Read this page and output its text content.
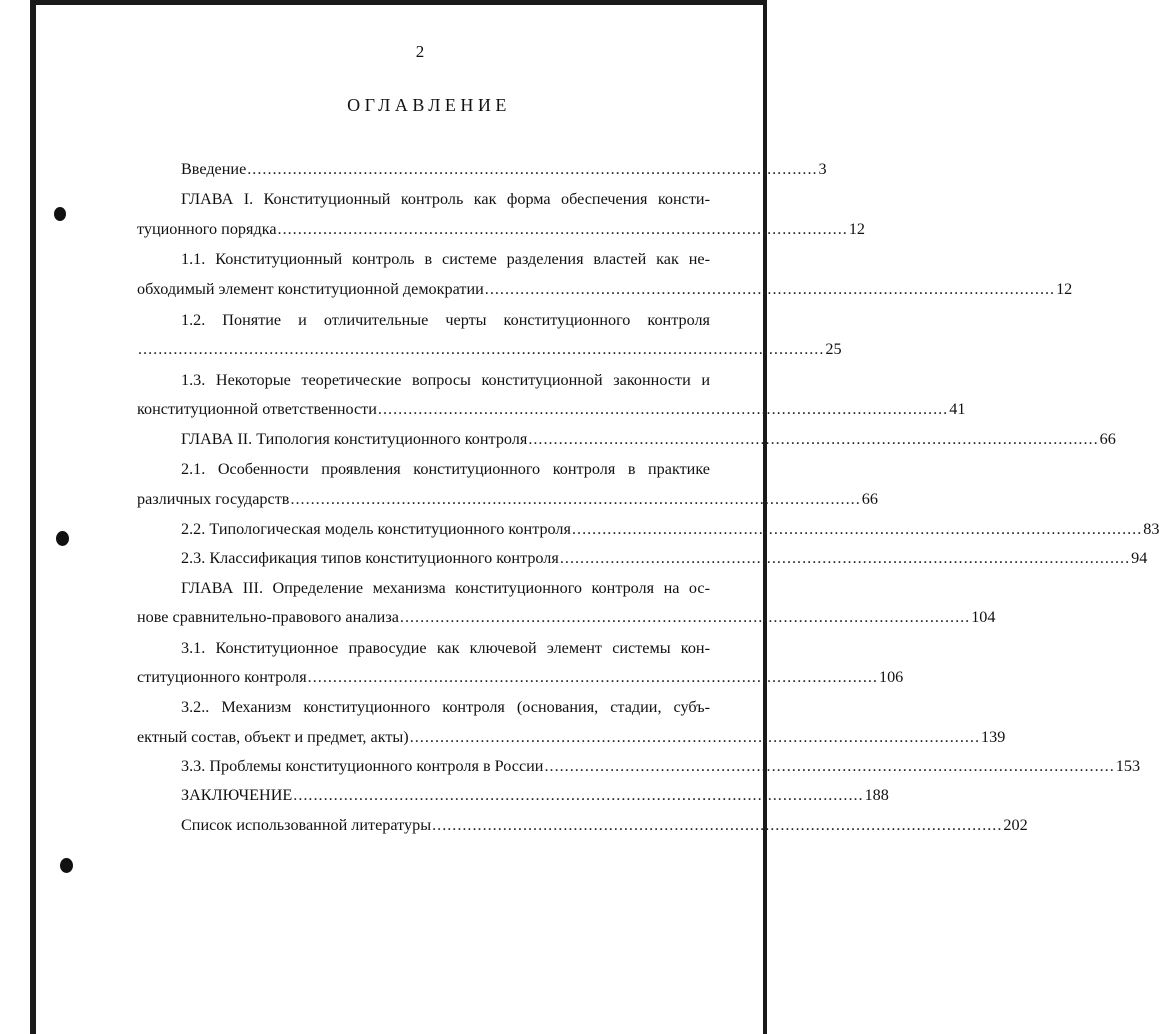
2
ОГЛАВЛЕНИЕ
Введение ................................................................................................................. 3
ГЛАВА I. Конституционный контроль как форма обеспечения консти-
туционного порядка ................................................................................................................. 12
1.1. Конституционный контроль в системе разделения властей как не-
обходимый элемент конституционной демократии ................................................................................................................. 12
1.2. Понятие и отличительные черты конституционного контроля
........................................................................................................................................ 25
1.3. Некоторые теоретические вопросы конституционной законности и
конституционной ответственности ................................................................................................................. 41
ГЛАВА II. Типология конституционного контроля ................................................................................................................. 66
2.1. Особенности проявления конституционного контроля в практике
различных государств ................................................................................................................. 66
2.2. Типологическая модель конституционного контроля ................................................................................................................. 83
2.3. Классификация типов конституционного контроля ................................................................................................................. 94
ГЛАВА III. Определение механизма конституционного контроля на ос-
нове сравнительно-правового анализа ................................................................................................................. 104
3.1. Конституционное правосудие как ключевой элемент системы кон-
ституционного контроля ................................................................................................................. 106
3.2.. Механизм конституционного контроля (основания, стадии, субъ-
ектный состав, объект и предмет, акты) ................................................................................................................. 139
3.3. Проблемы конституционного контроля в России ................................................................................................................. 153
ЗАКЛЮЧЕНИЕ ................................................................................................................. 188
Список использованной литературы ................................................................................................................. 202
